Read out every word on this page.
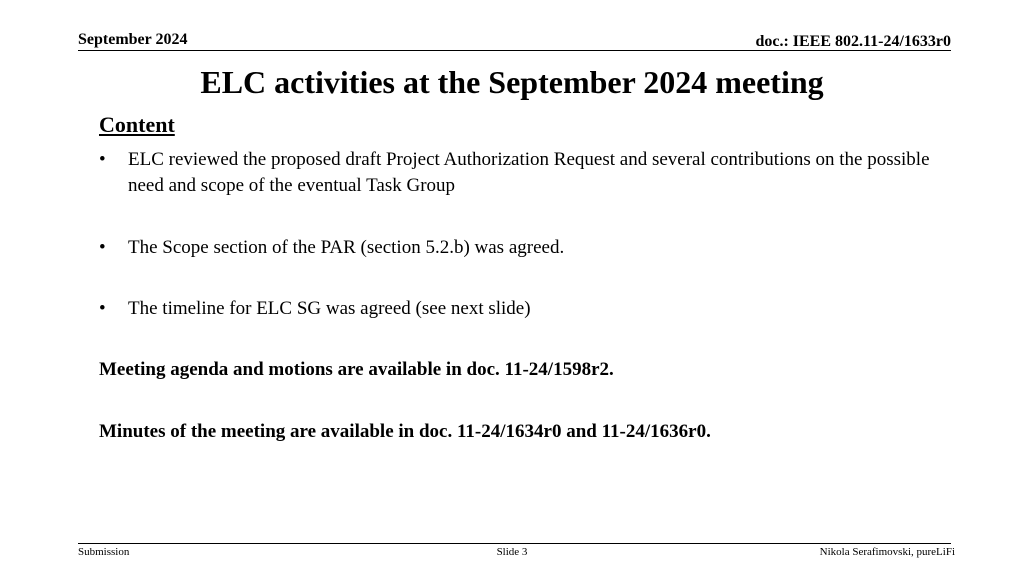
September 2024	doc.: IEEE 802.11-24/1633r0
ELC activities at the September 2024 meeting
Content
• ELC reviewed the proposed draft Project Authorization Request and several contributions on the possible need and scope of the eventual Task Group
• The Scope section of the PAR (section 5.2.b) was agreed.
• The timeline for ELC SG was agreed (see next slide)
Meeting agenda and motions are available in doc. 11-24/1598r2.
Minutes of the meeting are available in doc. 11-24/1634r0 and 11-24/1636r0.
Submission	Slide 3	Nikola Serafimovski, pureLiFi
